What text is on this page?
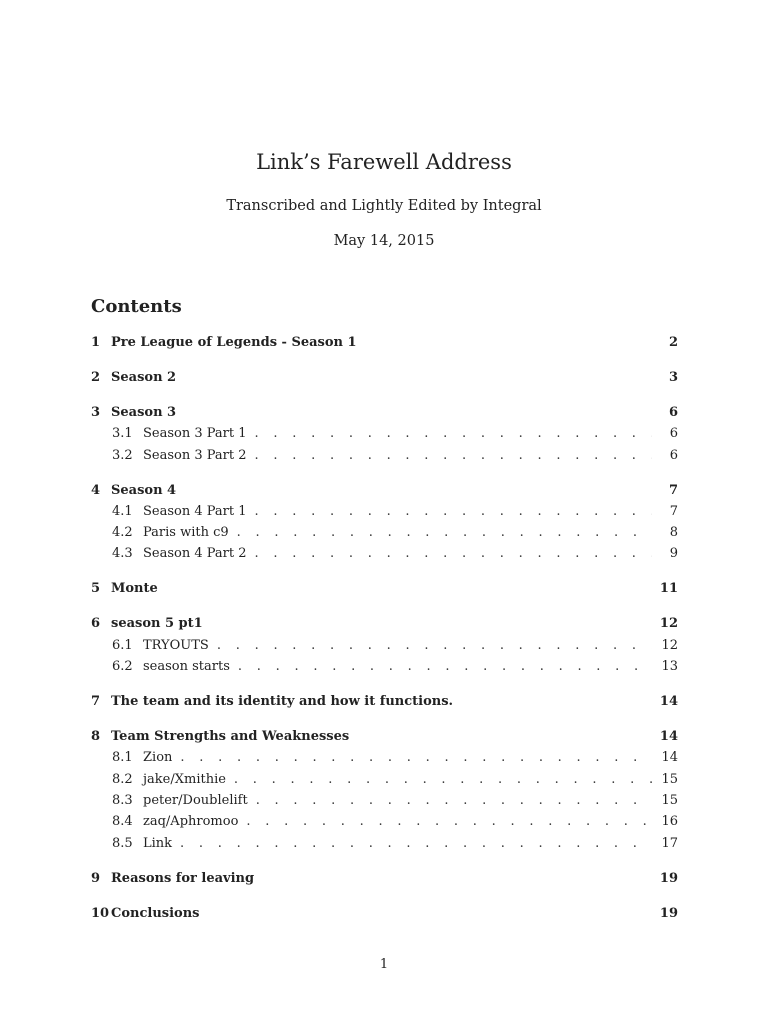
Link’s Farewell Address
Transcribed and Lightly Edited by Integral
May 14, 2015
Contents
1 Pre League of Legends - Season 1	2
2 Season 2	3
3 Season 3	6
3.1 Season 3 Part 1 . . .	6
3.2 Season 3 Part 2 . . .	6
4 Season 4	7
4.1 Season 4 Part 1 . . .	7
4.2 Paris with c9 . . .	8
4.3 Season 4 Part 2 . . .	9
5 Monte	11
6 season 5 pt1	12
6.1 TRYOUTS . . .	12
6.2 season starts . . .	13
7 The team and its identity and how it functions.	14
8 Team Strengths and Weaknesses	14
8.1 Zion . . .	14
8.2 jake/Xmithie . . .	15
8.3 peter/Doublelift . . .	15
8.4 zaq/Aphromoo . . .	16
8.5 Link . . .	17
9 Reasons for leaving	19
10 Conclusions	19
1
